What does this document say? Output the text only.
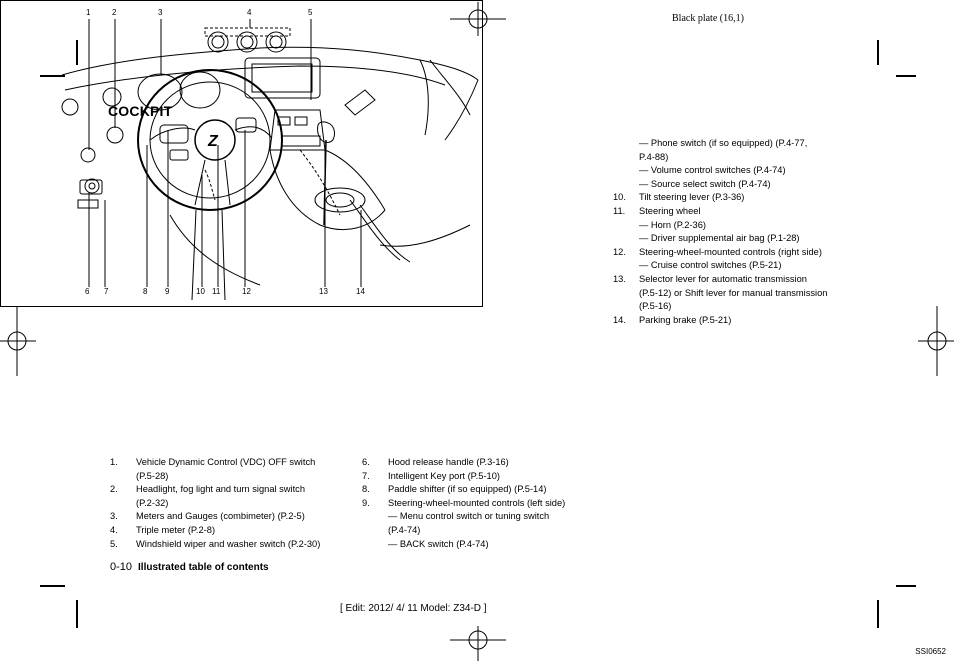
Black plate (16,1)
COCKPIT
Z
1	2	3	4	5
6 7	8 9	10 11	12	13	14
SSI0652
1. Vehicle Dynamic Control (VDC) OFF switch
(P.5-28)
2. Headlight, fog light and turn signal switch
(P.2-32)
3. Meters and Gauges (combimeter) (P.2-5)
4. Triple meter (P.2-8)
5. Windshield wiper and washer switch (P.2-30)
6. Hood release handle (P.3-16)
7. Intelligent Key port (P.5-10)
8. Paddle shifter (if so equipped) (P.5-14)
9. Steering-wheel-mounted controls (left side)
— Menu control switch or tuning switch
(P.4-74)
— BACK switch (P.4-74)
— Phone switch (if so equipped) (P.4-77,
P.4-88)
— Volume control switches (P.4-74)
— Source select switch (P.4-74)
10. Tilt steering lever (P.3-36)
11. Steering wheel
— Horn (P.2-36)
— Driver supplemental air bag (P.1-28)
12. Steering-wheel-mounted controls (right side)
— Cruise control switches (P.5-21)
13. Selector lever for automatic transmission
(P.5-12) or Shift lever for manual transmission
(P.5-16)
14. Parking brake (P.5-21)
0-10 Illustrated table of contents
[ Edit: 2012/ 4/ 11 Model: Z34-D ]
